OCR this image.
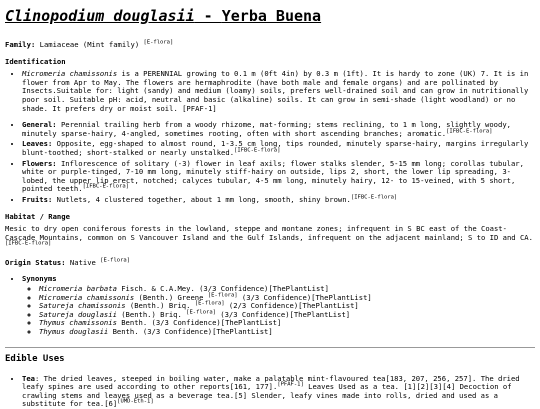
Clinopodium douglasii - Yerba Buena
Family: Lamiaceae (Mint family) [E-flora]
Identification
• Micromeria chamissonis is a PERENNIAL growing to 0.1 m (0ft 4in) by 0.3 m (1ft). It is hardy to zone (UK) 7. It is in flower from Apr to May. The flowers are hermaphrodite (have both male and female organs) and are pollinated by Insects.Suitable for: light (sandy) and medium (loamy) soils, prefers well-drained soil and can grow in nutritionally poor soil. Suitable pH: acid, neutral and basic (alkaline) soils. It can grow in semi-shade (light woodland) or no shade. It prefers dry or moist soil. [PFAF-1]
• General: Perennial trailing herb from a woody rhizome, mat-forming; stems reclining, to 1 m long, slightly woody, minutely sparse-hairy, 4-angled, sometimes rooting, often with short ascending branches; aromatic.[IFBC-E-flora]
• Leaves: Opposite, egg-shaped to almost round, 1-3.5 cm long, tips rounded, minutely sparse-hairy, margins irregularly blunt-toothed; short-stalked or nearly unstalked.[IFBC-E-flora]
• Flowers: Inflorescence of solitary (-3) flower in leaf axils; flower stalks slender, 5-15 mm long; corollas tubular, white or purple-tinged, 7-10 mm long, minutely stiff-hairy on outside, lips 2, short, the lower lip spreading, 3-lobed, the upper lip erect, notched; calyces tubular, 4-5 mm long, minutely hairy, 12- to 15-veined, with 5 short, pointed teeth.[IFBC-E-flora]
• Fruits: Nutlets, 4 clustered together, about 1 mm long, smooth, shiny brown.[IFBC-E-flora]
Habitat / Range
Mesic to dry open coniferous forests in the lowland, steppe and montane zones; infrequent in S BC east of the Coast-Cascade Mountains, common on S Vancouver Island and the Gulf Islands, infrequent on the adjacent mainland; S to ID and CA.[IFBC-E-flora]
Origin Status: Native [E-flora]
• Synonyms
◦ Micromeria barbata Fisch. & C.A.Mey. (3/3 Confidence)[ThePlantList]
◦ Micromeria chamissonis (Benth.) Greene [E-flora] (3/3 Confidence)[ThePlantList]
◦ Satureja chamissonis (Benth.) Briq. [E-flora] (2/3 Confidence)[ThePlantList]
◦ Satureja douglasii (Benth.) Briq. [E-flora] (3/3 Confidence)[ThePlantList]
◦ Thymus chamissonis Benth. (3/3 Confidence)[ThePlantList]
◦ Thymus douglasii Benth. (3/3 Confidence)[ThePlantList]
Edible Uses
• Tea: The dried leaves, steeped in boiling water, make a palatable mint-flavoured tea[183, 207, 256, 257]. The dried leafy spines are used according to other reports[161, 177].[PFAF-1] Leaves Used as a tea. [1][2][3][4] Decoction of crawling stems and leaves used as a beverage tea.[5] Slender, leafy vines made into rolls, dried and used as a substitute for tea.[6][UMD-Eth-1]
